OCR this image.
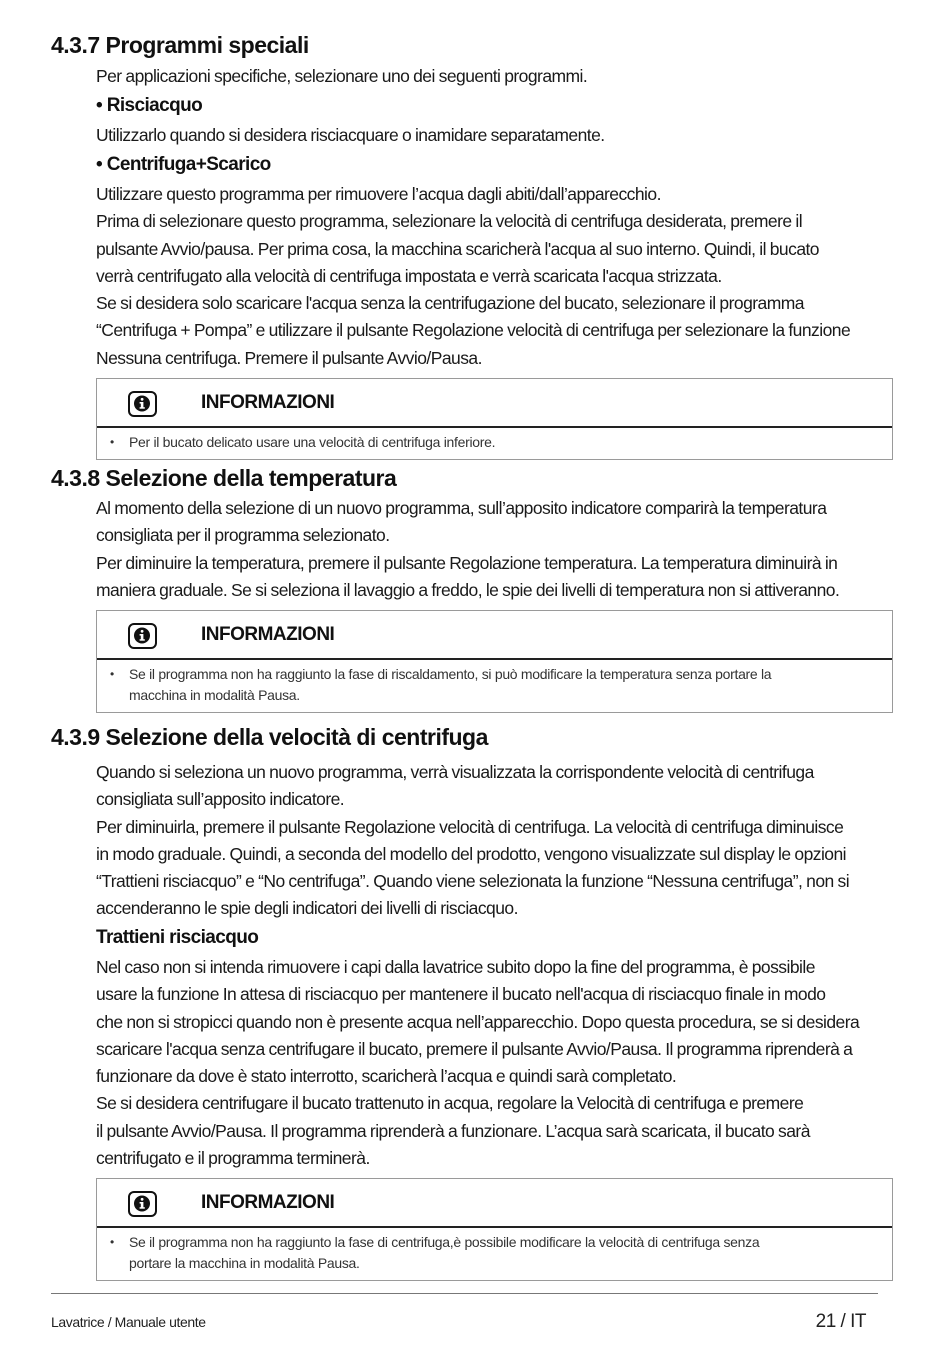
4.3.7 Programmi speciali
Per applicazioni specifiche, selezionare uno dei seguenti programmi.
• Risciacquo
Utilizzarlo quando si desidera risciacquare o inamidare separatamente.
• Centrifuga+Scarico
Utilizzare questo programma per rimuovere l’acqua dagli abiti/dall’apparecchio.
Prima di selezionare questo programma, selezionare la velocità di centrifuga desiderata, premere il
pulsante Avvio/pausa. Per prima cosa, la macchina scaricherà l'acqua al suo interno. Quindi, il bucato
verrà centrifugato alla velocità di centrifuga impostata e verrà scaricata l'acqua strizzata.
Se si desidera solo scaricare l'acqua senza la centrifugazione del bucato, selezionare il programma
“Centrifuga + Pompa” e utilizzare il pulsante Regolazione velocità di centrifuga per selezionare la funzione
Nessuna centrifuga. Premere il pulsante Avvio/Pausa.
INFORMAZIONI
• Per il bucato delicato usare una velocità di centrifuga inferiore.
4.3.8 Selezione della temperatura
Al momento della selezione di un nuovo programma, sull’apposito indicatore comparirà la temperatura
consigliata per il programma selezionato.
Per diminuire la temperatura, premere il pulsante Regolazione temperatura. La temperatura diminuirà in
maniera graduale. Se si seleziona il lavaggio a freddo, le spie dei livelli di temperatura non si attiveranno.
INFORMAZIONI
• Se il programma non ha raggiunto la fase di riscaldamento, si può modificare la temperatura senza portare la
macchina in modalità Pausa.
4.3.9 Selezione della velocità di centrifuga
Quando si seleziona un nuovo programma, verrà visualizzata la corrispondente velocità di centrifuga
consigliata sull’apposito indicatore.
Per diminuirla, premere il pulsante Regolazione velocità di centrifuga. La velocità di centrifuga diminuisce
in modo graduale. Quindi, a seconda del modello del prodotto, vengono visualizzate sul display le opzioni
“Trattieni risciacquo” e “No centrifuga”. Quando viene selezionata la funzione “Nessuna centrifuga”, non si
accenderanno le spie degli indicatori dei livelli di risciacquo.
Trattieni risciacquo
Nel caso non si intenda rimuovere i capi dalla lavatrice subito dopo la fine del programma, è possibile
usare la funzione In attesa di risciacquo per mantenere il bucato nell'acqua di risciacquo finale in modo
che non si stropicci quando non è presente acqua nell’apparecchio. Dopo questa procedura, se si desidera
scaricare l'acqua senza centrifugare il bucato, premere il pulsante Avvio/Pausa. Il programma riprenderà a
funzionare da dove è stato interrotto, scaricherà l’acqua e quindi sarà completato.
Se si desidera centrifugare il bucato trattenuto in acqua, regolare la Velocità di centrifuga e premere
il pulsante Avvio/Pausa. Il programma riprenderà a funzionare. L’acqua sarà scaricata, il bucato sarà
centrifugato e il programma terminerà.
INFORMAZIONI
• Se il programma non ha raggiunto la fase di centrifuga,è possibile modificare la velocità di centrifuga senza
portare la macchina in modalità Pausa.
Lavatrice / Manuale utente	21 / IT
